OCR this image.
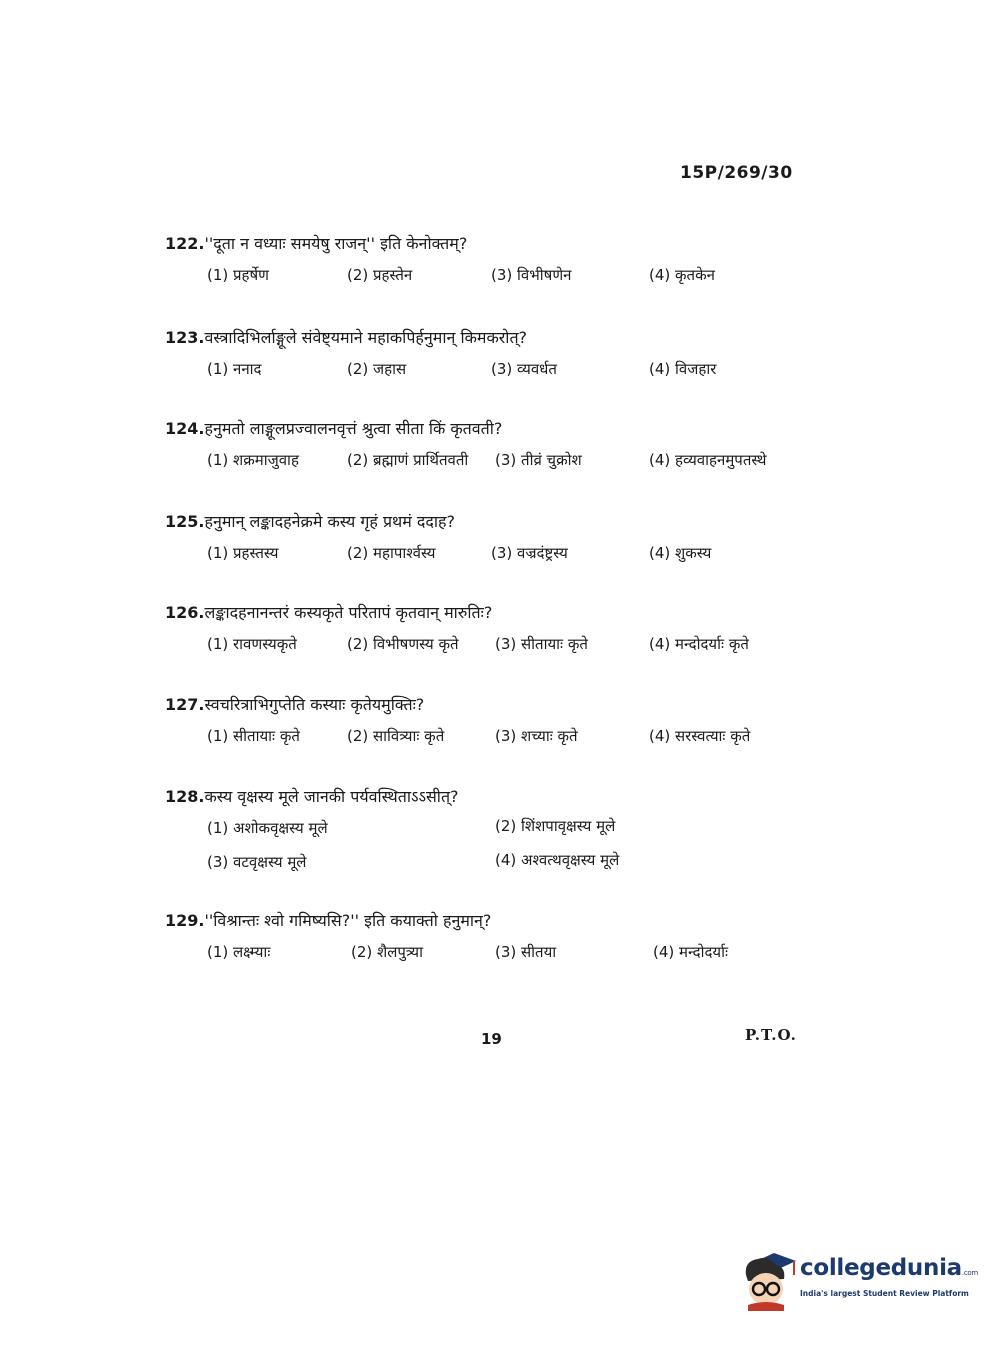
15P/269/30
122.''दूता न वध्याः समयेषु राजन्'' इति केनोक्तम्?
(1) प्रहर्षेण	(2) प्रहस्तेन	(3) विभीषणेन	(4) कृतकेन
123.वस्त्रादिभिर्लाङ्गूले संवेष्ट्यमाने महाकपिर्हनुमान् किमकरोत्?
(1) ननाद	(2) जहास	(3) व्यवर्धत	(4) विजहार
124.हनुमतो लाङ्गूलप्रज्वालनवृत्तं श्रुत्वा सीता किं कृतवती?
(1) शक्रमाजुवाह	(2) ब्रह्माणं प्रार्थितवती (3) तीव्रं चुक्रोश	(4) हव्यवाहनमुपतस्थे
125.हनुमान् लङ्कादहनेक्रमे कस्य गृहं प्रथमं ददाह?
(1) प्रहस्तस्य	(2) महापार्श्वस्य	(3) वज्रदंष्ट्रस्य	(4) शुकस्य
126.लङ्कादहनानन्तरं कस्यकृते परितापं कृतवान् मारुतिः?
(1) रावणस्यकृते	(2) विभीषणस्य कृते (3) सीतायाः कृते	(4) मन्दोदर्याः कृते
127.स्वचरित्राभिगुप्तेति कस्याः कृतेयमुक्तिः?
(1) सीतायाः कृते	(2) सावित्र्याः कृते	(3) शच्याः कृते	(4) सरस्वत्याः कृते
128.कस्य वृक्षस्य मूले जानकी पर्यवस्थिताऽऽसीत्?
(1) अशोकवृक्षस्य मूले	(2) शिंशपावृक्षस्य मूले
(3) वटवृक्षस्य मूले	(4) अश्वत्थवृक्षस्य मूले
129.''विश्रान्तः श्वो गमिष्यसि?'' इति कयाक्तो हनुमान्?
(1) लक्ष्म्याः	(2) शैलपुत्र्या	(3) सीतया	(4) मन्दोदर्याः
19	P.T.O.
collegedunia.com
India's largest Student Review Platform
